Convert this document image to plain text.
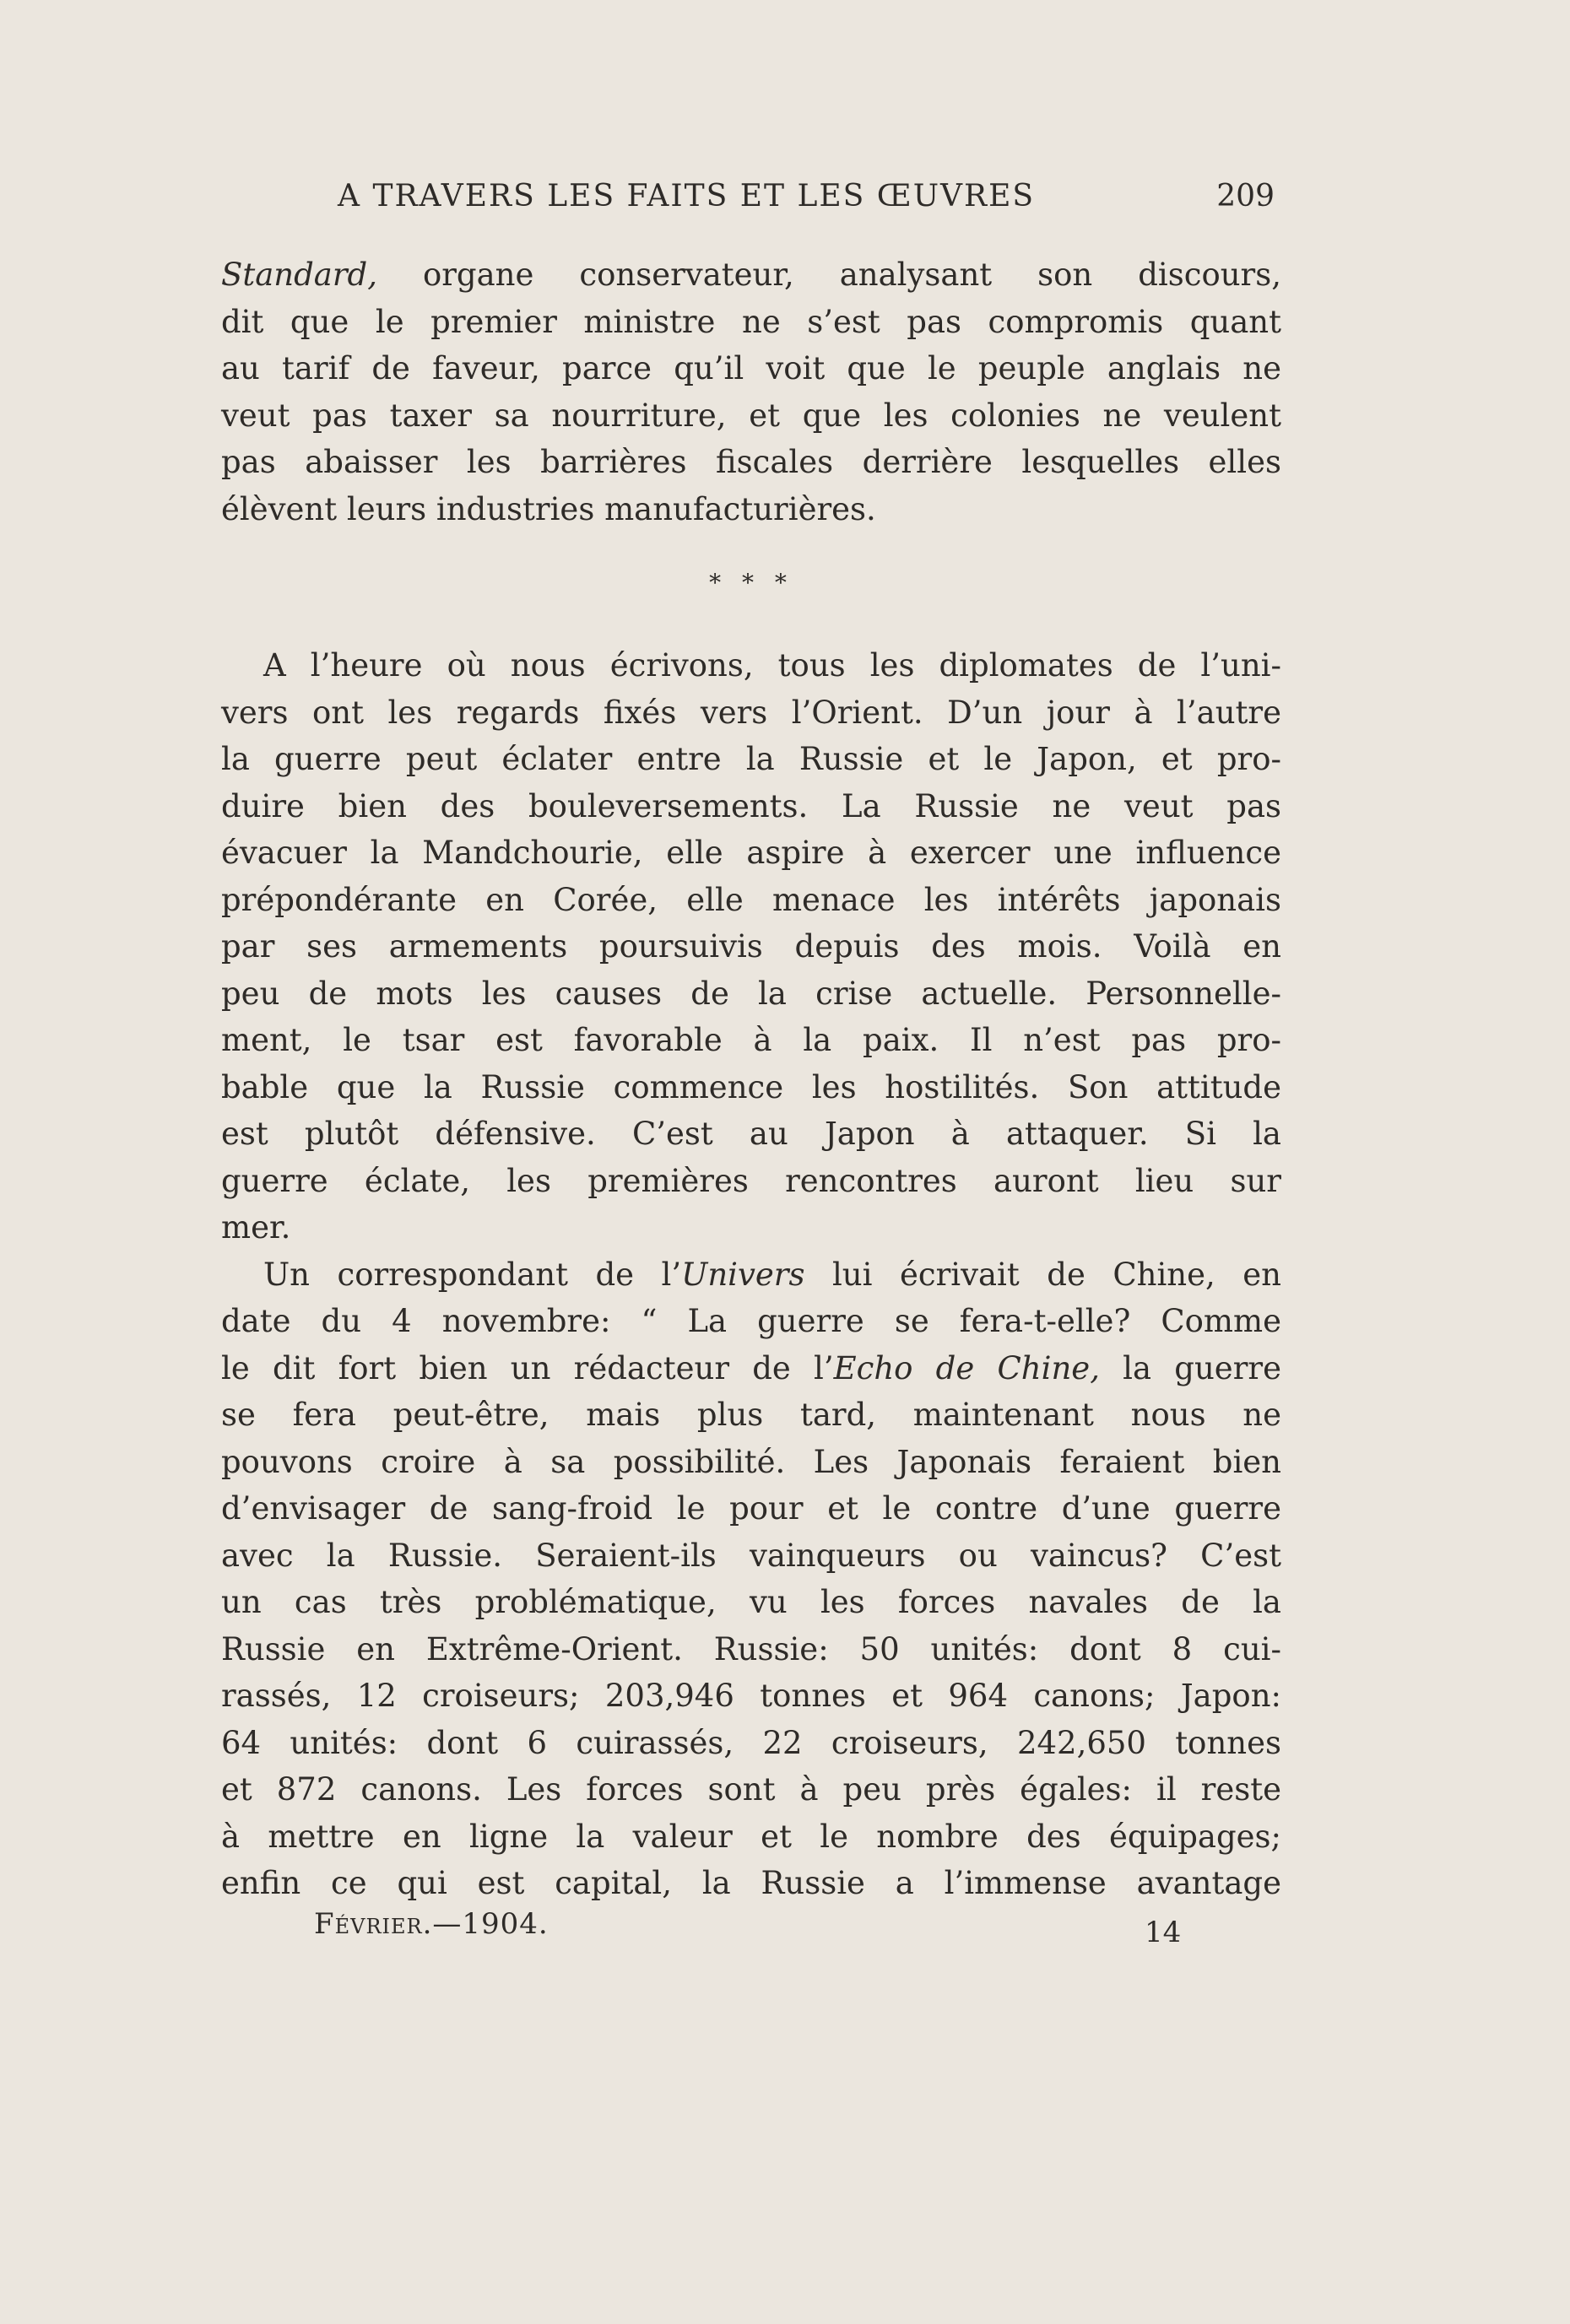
A TRAVERS LES FAITS ET LES ŒUVRES	209
Standard, organe conservateur, analysant son discours,
dit que le premier ministre ne s’est pas compromis quant
au tarif de faveur, parce qu’il voit que le peuple anglais ne
veut pas taxer sa nourriture, et que les colonies ne veulent
pas abaisser les barrières fiscales derrière lesquelles elles
élèvent leurs industries manufacturières.
* * *
A l’heure où nous écrivons, tous les diplomates de l’uni-
vers ont les regards fixés vers l’Orient. D’un jour à l’autre
la guerre peut éclater entre la Russie et le Japon, et pro-
duire bien des bouleversements. La Russie ne veut pas
évacuer la Mandchourie, elle aspire à exercer une influence
prépondérante en Corée, elle menace les intérêts japonais
par ses armements poursuivis depuis des mois. Voilà en
peu de mots les causes de la crise actuelle. Personnelle-
ment, le tsar est favorable à la paix. Il n’est pas pro-
bable que la Russie commence les hostilités. Son attitude
est plutôt défensive. C’est au Japon à attaquer. Si la
guerre éclate, les premières rencontres auront lieu sur
mer.
Un correspondant de l’Univers lui écrivait de Chine, en
date du 4 novembre: “ La guerre se fera-t-elle? Comme
le dit fort bien un rédacteur de l’Echo de Chine, la guerre
se fera peut-être, mais plus tard, maintenant nous ne
pouvons croire à sa possibilité. Les Japonais feraient bien
d’envisager de sang-froid le pour et le contre d’une guerre
avec la Russie. Seraient-ils vainqueurs ou vaincus? C’est
un cas très problématique, vu les forces navales de la
Russie en Extrême-Orient. Russie: 50 unités: dont 8 cui-
rassés, 12 croiseurs; 203,946 tonnes et 964 canons; Japon:
64 unités: dont 6 cuirassés, 22 croiseurs, 242,650 tonnes
et 872 canons. Les forces sont à peu près égales: il reste
à mettre en ligne la valeur et le nombre des équipages;
enfin ce qui est capital, la Russie a l’immense avantage
Février.—1904.	14
